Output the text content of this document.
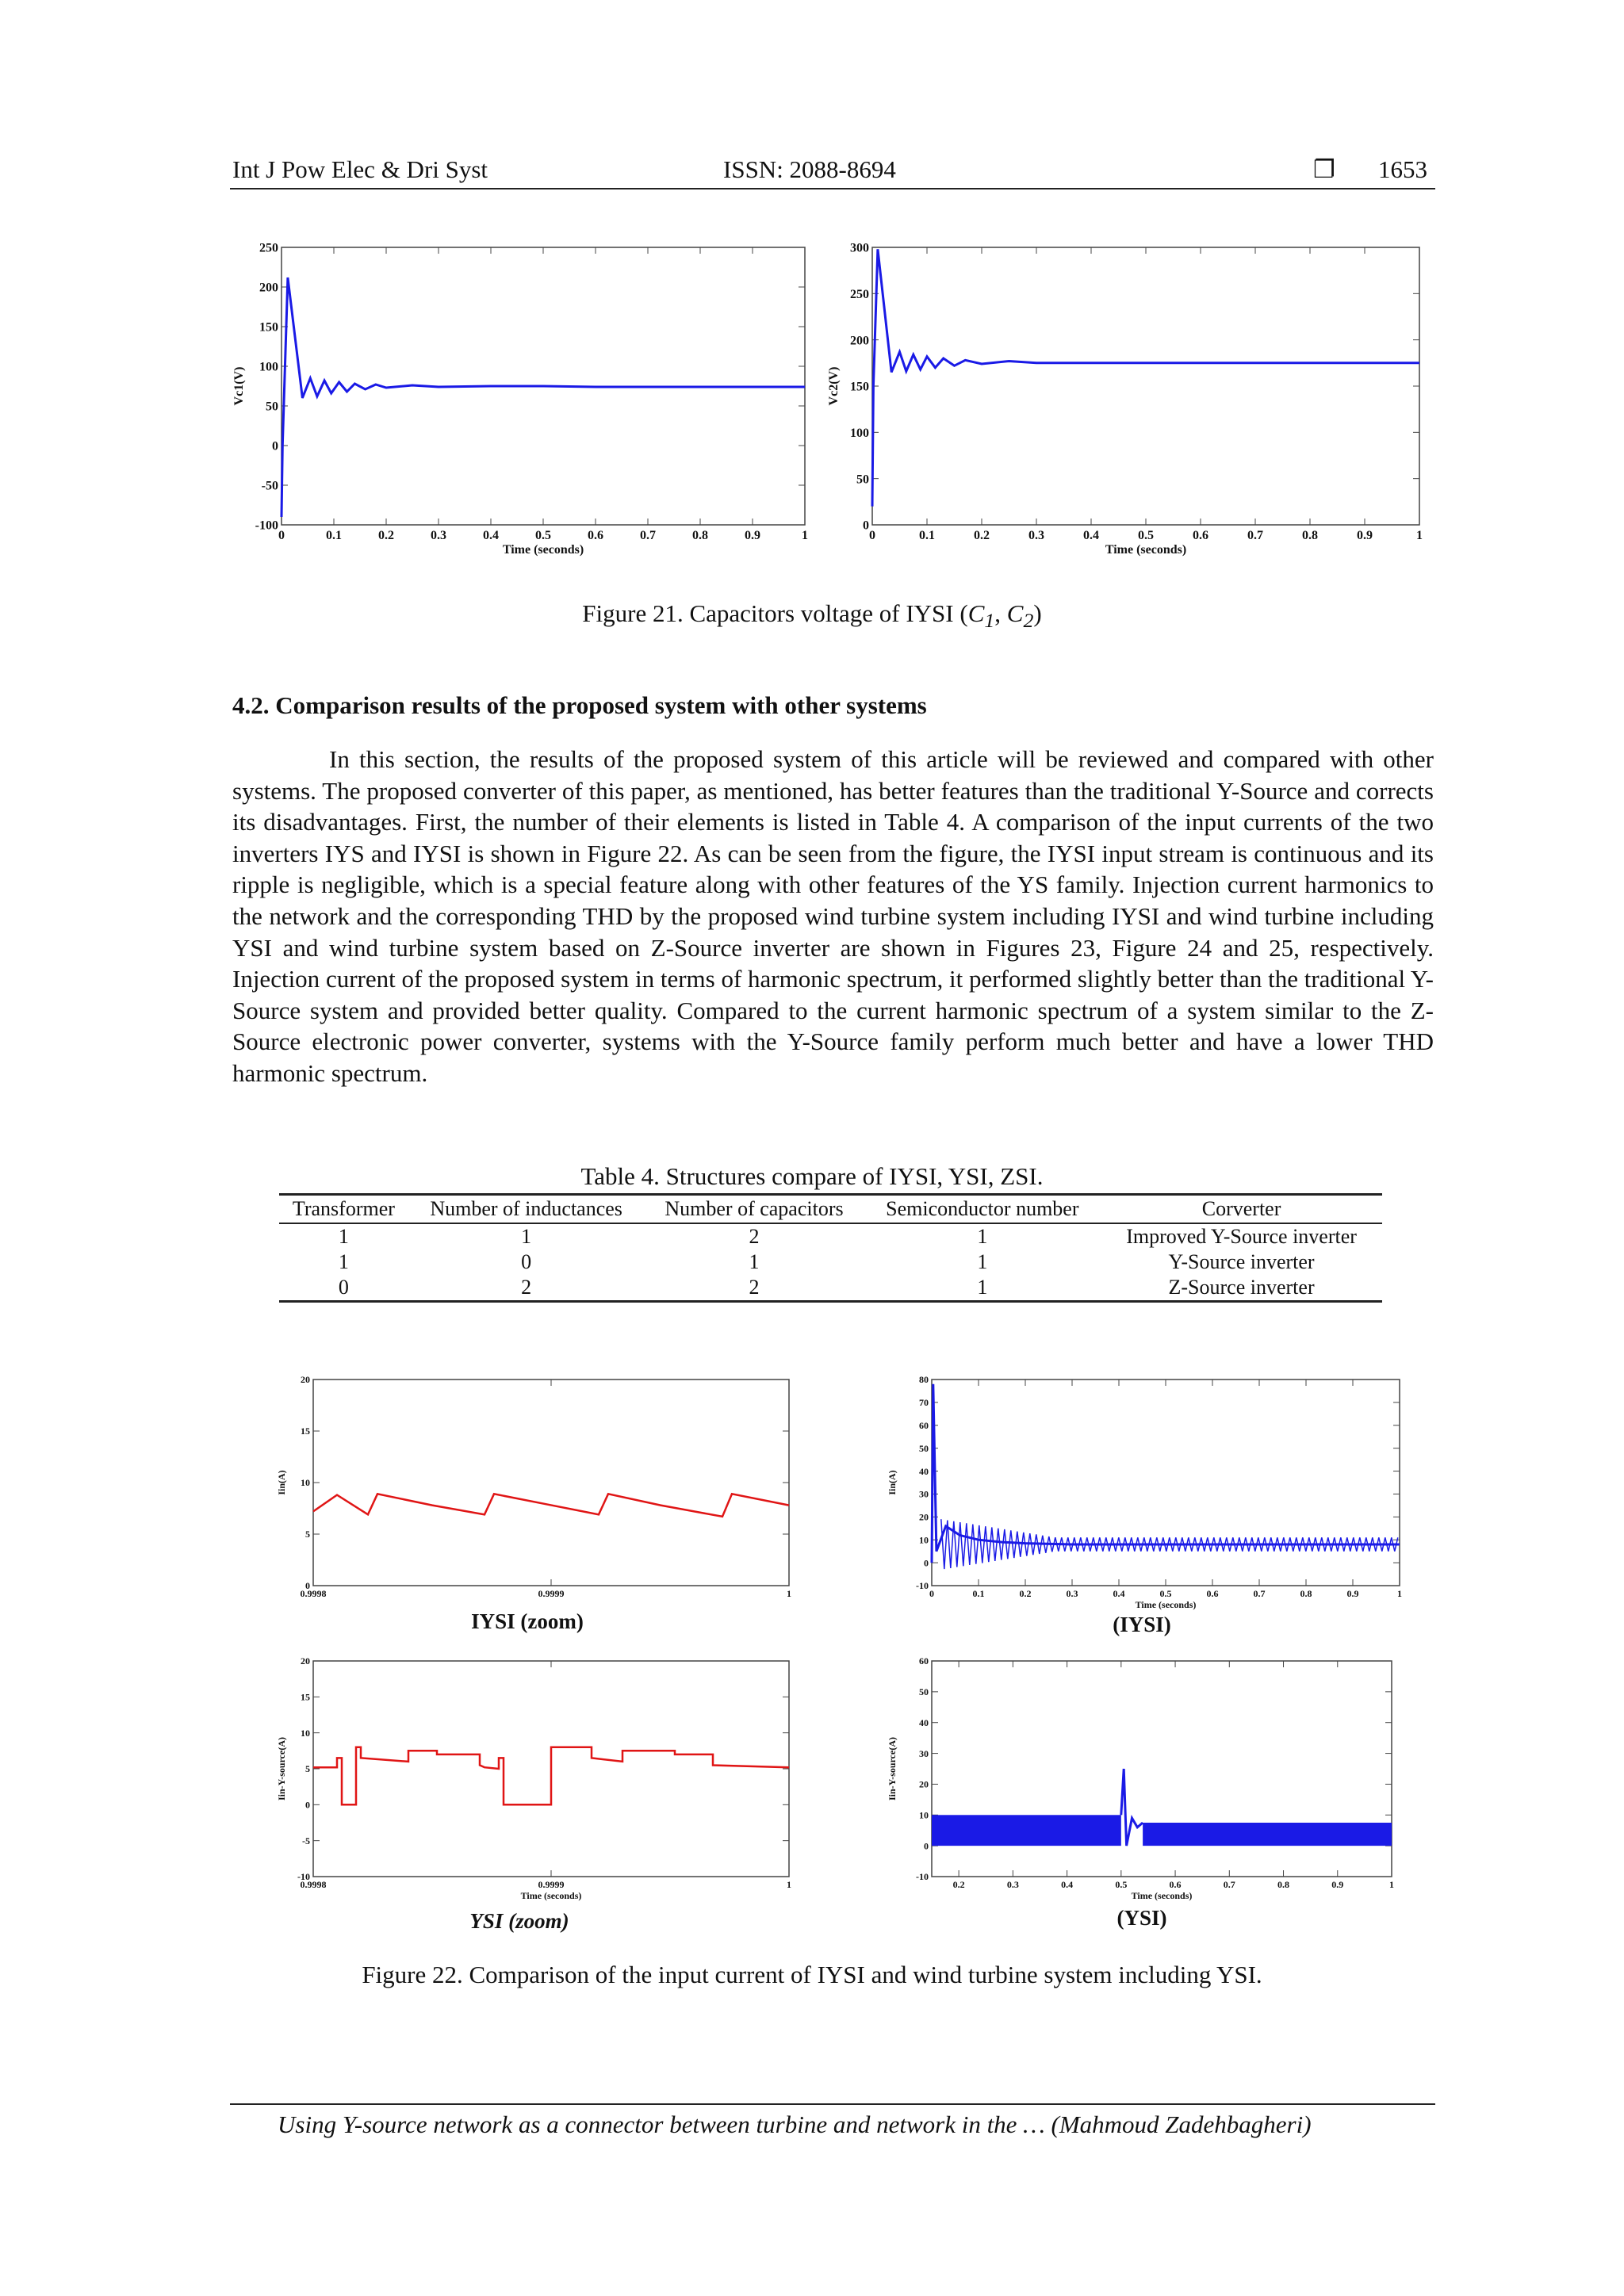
Int J Pow Elec & Dri Syst	ISSN: 2088-8694	❐ 1653
-100
-50
0
50
100
150
200
250
0	0.1	0.2	0.3	0.4	0.5	0.6	0.7	0.8	0.9	1
Time (seconds)
Vc1(V)
0
50
100
150
200
250
300
0	0.1	0.2	0.3	0.4	0.5	0.6	0.7	0.8	0.9	1
Time (seconds)
Vc2(V)
Figure 21. Capacitors voltage of IYSI ($C_1$, $C_2$)
4.2. Comparison results of the proposed system with other systems

In this section, the results of the proposed system of this article will be reviewed and compared with other systems. The proposed converter of this paper, as mentioned, has better features than the traditional Y-Source and corrects its disadvantages. First, the number of their elements is listed in Table 4. A comparison of the input currents of the two inverters IYS and IYSI is shown in Figure 22. As can be seen from the figure, the IYSI input stream is continuous and its ripple is negligible, which is a special feature along with other features of the YS family. Injection current harmonics to the network and the corresponding THD by the proposed wind turbine system including IYSI and wind turbine including YSI and wind turbine system based on Z-Source inverter are shown in Figures 23, Figure 24 and 25, respectively. Injection current of the proposed system in terms of harmonic spectrum, it performed slightly better than the traditional Y-Source system and provided better quality. Compared to the current harmonic spectrum of a system similar to the Z-Source electronic power converter, systems with the Y-Source family perform much better and have a lower THD harmonic spectrum.

Table 4. Structures compare of IYSI, YSI, ZSI.
Transformer	Number of inductances	Number of capacitors	Semiconductor number	Corverter
1	1	2	1	Improved Y-Source inverter
1	0	1	1	Y-Source inverter
0	2	2	1	Z-Source inverter
0
5
10
15
20
0.9998	0.9999	1
Iin(A)
IYSI (zoom)
-10
0
10
20
30
40
50
60
70
80
0	0.1	0.2	0.3	0.4	0.5	0.6	0.7	0.8	0.9	1
Time (seconds)
Iin(A)
(IYSI)
-10
-5
0
5
10
15
20
0.9998	0.9999	1
Time (seconds)
Iin-Y-source(A)
YSI (zoom)
-10
0
10
20
30
40
50
60
0.2	0.3	0.4	0.5	0.6	0.7	0.8	0.9	1
Time (seconds)
Iin-Y-source(A)
(YSI)
Figure 22. Comparison of the input current of IYSI and wind turbine system including YSI.
Using Y-source network as a connector between turbine and network in the … (Mahmoud Zadehbagheri)
